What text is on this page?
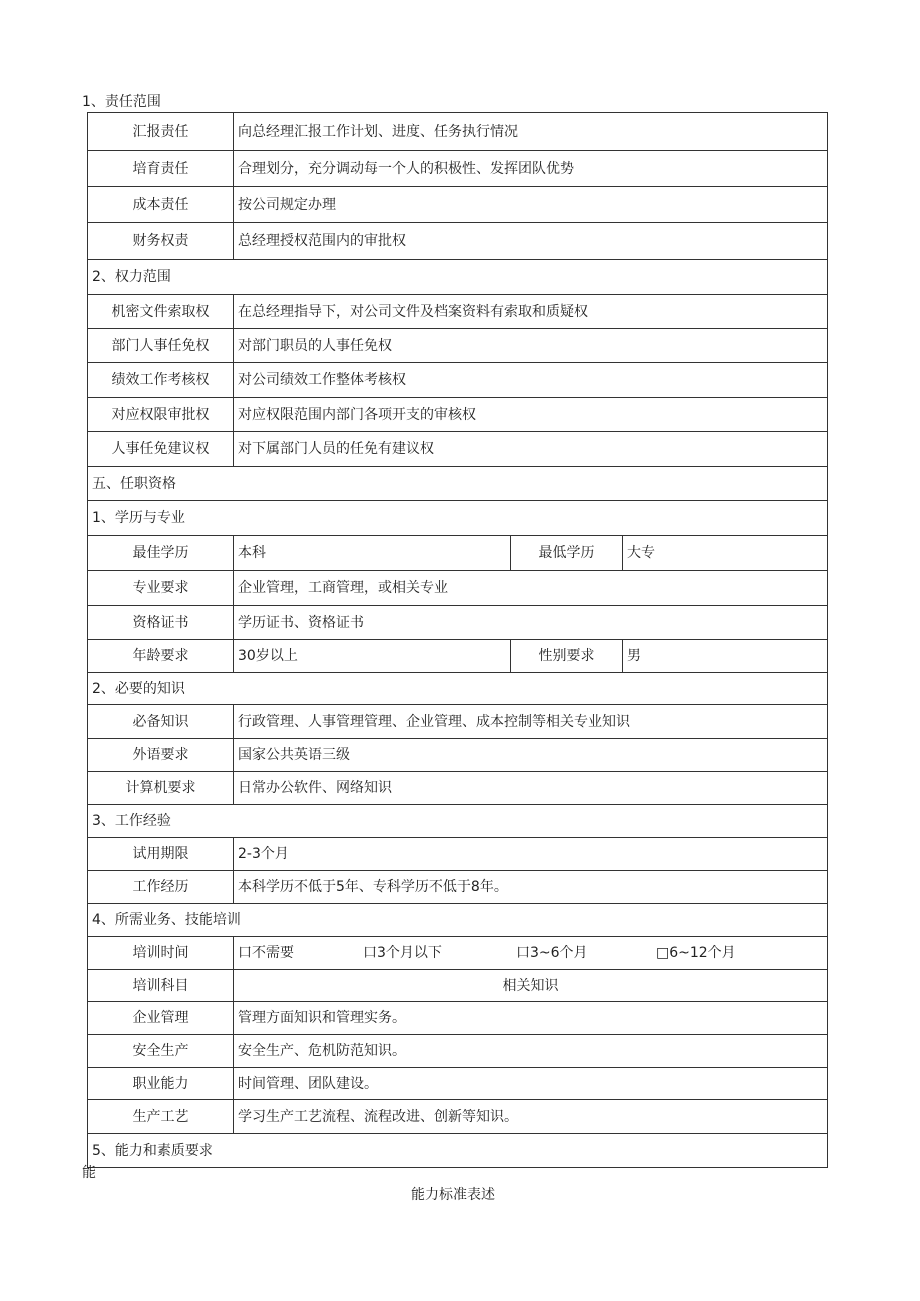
1、责任范围
汇报责任	向总经理汇报工作计划、进度、任务执行情况		
培育责任	合理划分，充分调动每一个人的积极性、发挥团队优势		
成本责任	按公司规定办理		
财务权责	总经理授权范围内的审批权		
2、权力范围			
机密文件索取权	在总经理指导下，对公司文件及档案资料有索取和质疑权		
部门人事任免权	对部门职员的人事任免权		
绩效工作考核权	对公司绩效工作整体考核权		
对应权限审批权	对应权限范围内部门各项开支的审核权		
人事任免建议权	对下属部门人员的任免有建议权		
五、任职资格			
1、学历与专业			
最佳学历	本科	最低学历	大专
专业要求	企业管理，工商管理，或相关专业		
资格证书	学历证书、资格证书		
年龄要求	30岁以上	性别要求	男
2、必要的知识			
必备知识	行政管理、人事管理管理、企业管理、成本控制等相关专业知识		
外语要求	国家公共英语三级		
计算机要求	日常办公软件、网络知识		
3、工作经验			
试用期限	2-3个月		
工作经历	本科学历不低于5年、专科学历不低于8年。		
4、所需业务、技能培训			
培训时间	口不需要 口3个月以下 口3~6个月 □6~12个月		

培训科目	相关知识		
企业管理	管理方面知识和管理实务。		
安全生产	安全生产、危机防范知识。		
职业能力	时间管理、团队建设。		
生产工艺	学习生产工艺流程、流程改进、创新等知识。		
5、能力和素质要求			
能
能力标准表述
